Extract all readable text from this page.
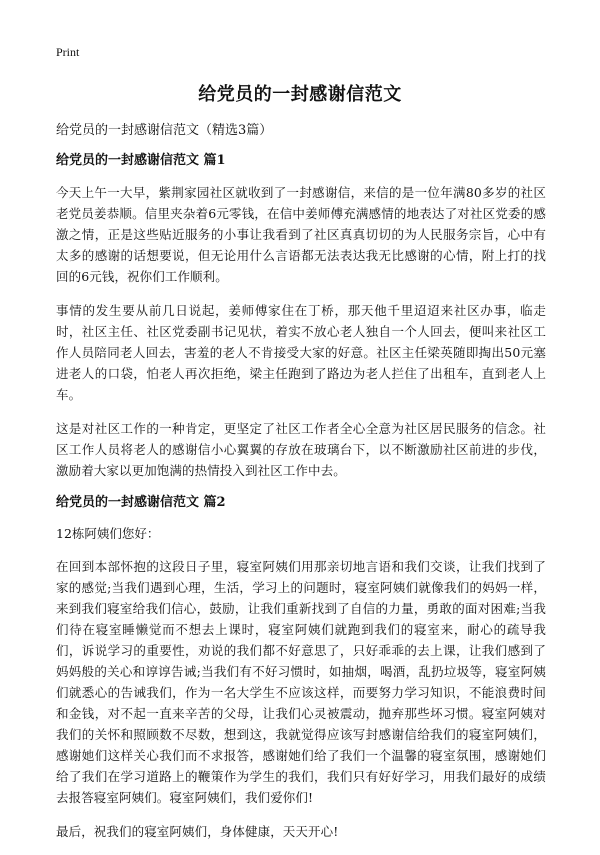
Print
给党员的一封感谢信范文

给党员的一封感谢信范文（精选3篇）

给党员的一封感谢信范文 篇1

今天上午一大早，紫荆家园社区就收到了一封感谢信，来信的是一位年满80多岁的社区老党员姜恭顺。信里夹杂着6元零钱，在信中姜师傅充满感情的地表达了对社区党委的感激之情，正是这些贴近服务的小事让我看到了社区真真切切的为人民服务宗旨，心中有太多的感谢的话想要说，但无论用什么言语都无法表达我无比感谢的心情，附上打的找回的6元钱，祝你们工作顺利。

事情的发生要从前几日说起，姜师傅家住在丁桥，那天他千里迢迢来社区办事，临走时，社区主任、社区党委副书记见状，着实不放心老人独自一个人回去，便叫来社区工作人员陪同老人回去，害羞的老人不肯接受大家的好意。社区主任梁英随即掏出50元塞进老人的口袋，怕老人再次拒绝，梁主任跑到了路边为老人拦住了出租车，直到老人上车。

这是对社区工作的一种肯定，更坚定了社区工作者全心全意为社区居民服务的信念。社区工作人员将老人的感谢信小心翼翼的存放在玻璃台下，以不断激励社区前进的步伐，激励着大家以更加饱满的热情投入到社区工作中去。

给党员的一封感谢信范文 篇2

12栋阿姨们您好：

在回到本部怀抱的这段日子里，寝室阿姨们用那亲切地言语和我们交谈，让我们找到了家的感觉;当我们遇到心理，生活，学习上的问题时，寝室阿姨们就像我们的妈妈一样，来到我们寝室给我们信心，鼓励，让我们重新找到了自信的力量，勇敢的面对困难;当我们待在寝室睡懒觉而不想去上课时，寝室阿姨们就跑到我们的寝室来，耐心的疏导我们，诉说学习的重要性，劝说的我们都不好意思了，只好乖乖的去上课，让我们感到了妈妈般的关心和谆谆告诫;当我们有不好习惯时，如抽烟，喝酒，乱扔垃圾等，寝室阿姨们就悉心的告诫我们，作为一名大学生不应该这样，而要努力学习知识，不能浪费时间和金钱，对不起一直来辛苦的父母，让我们心灵被震动，抛弃那些坏习惯。寝室阿姨对我们的关怀和照顾数不尽数，想到这，我就觉得应该写封感谢信给我们的寝室阿姨们，感谢她们这样关心我们而不求报答，感谢她们给了我们一个温馨的寝室氛围，感谢她们给了我们在学习道路上的鞭策作为学生的我们，我们只有好好学习，用我们最好的成绩去报答寝室阿姨们。寝室阿姨们，我们爱你们!

最后，祝我们的寝室阿姨们，身体健康，天天开心!
